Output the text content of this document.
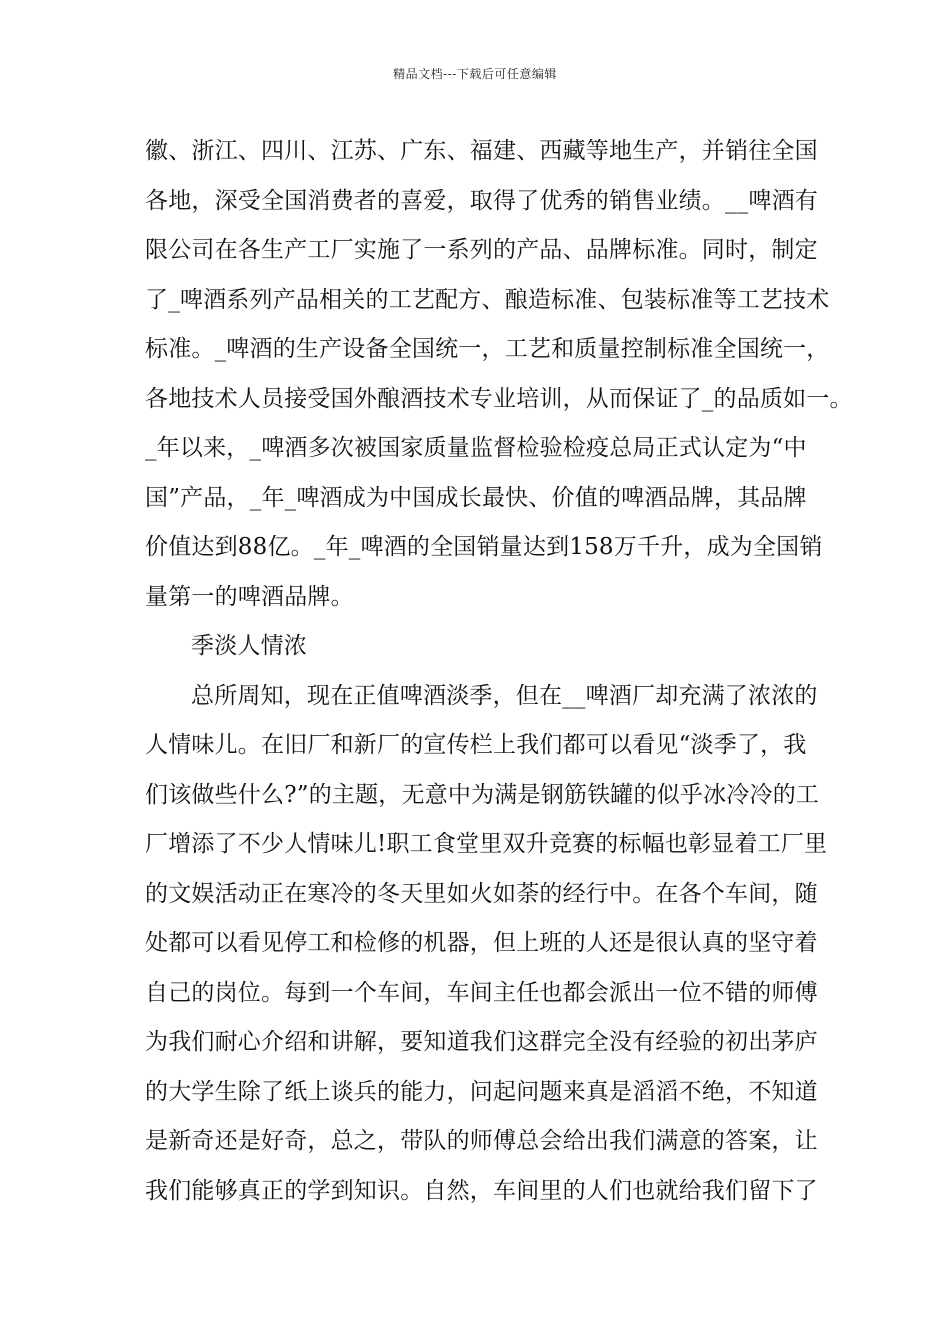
精品文档---下载后可任意编辑
徽、浙江、四川、江苏、广东、福建、西藏等地生产，并销往全国
各地，深受全国消费者的喜爱，取得了优秀的销售业绩。__啤酒有
限公司在各生产工厂实施了一系列的产品、品牌标准。同时，制定
了_啤酒系列产品相关的工艺配方、酿造标准、包装标准等工艺技术
标准。_啤酒的生产设备全国统一，工艺和质量控制标准全国统一，
各地技术人员接受国外酿酒技术专业培训，从而保证了_的品质如一。
_年以来，_啤酒多次被国家质量监督检验检疫总局正式认定为“中
国”产品，_年_啤酒成为中国成长最快、价值的啤酒品牌，其品牌
价值达到88亿。_年_啤酒的全国销量达到158万千升，成为全国销
量第一的啤酒品牌。
季淡人情浓
总所周知，现在正值啤酒淡季，但在__啤酒厂却充满了浓浓的
人情味儿。在旧厂和新厂的宣传栏上我们都可以看见“淡季了，我
们该做些什么?”的主题，无意中为满是钢筋铁罐的似乎冰冷冷的工
厂增添了不少人情味儿!职工食堂里双升竞赛的标幅也彰显着工厂里
的文娱活动正在寒冷的冬天里如火如荼的经行中。在各个车间，随
处都可以看见停工和检修的机器，但上班的人还是很认真的坚守着
自己的岗位。每到一个车间，车间主任也都会派出一位不错的师傅
为我们耐心介绍和讲解，要知道我们这群完全没有经验的初出茅庐
的大学生除了纸上谈兵的能力，问起问题来真是滔滔不绝，不知道
是新奇还是好奇，总之，带队的师傅总会给出我们满意的答案，让
我们能够真正的学到知识。自然，车间里的人们也就给我们留下了
